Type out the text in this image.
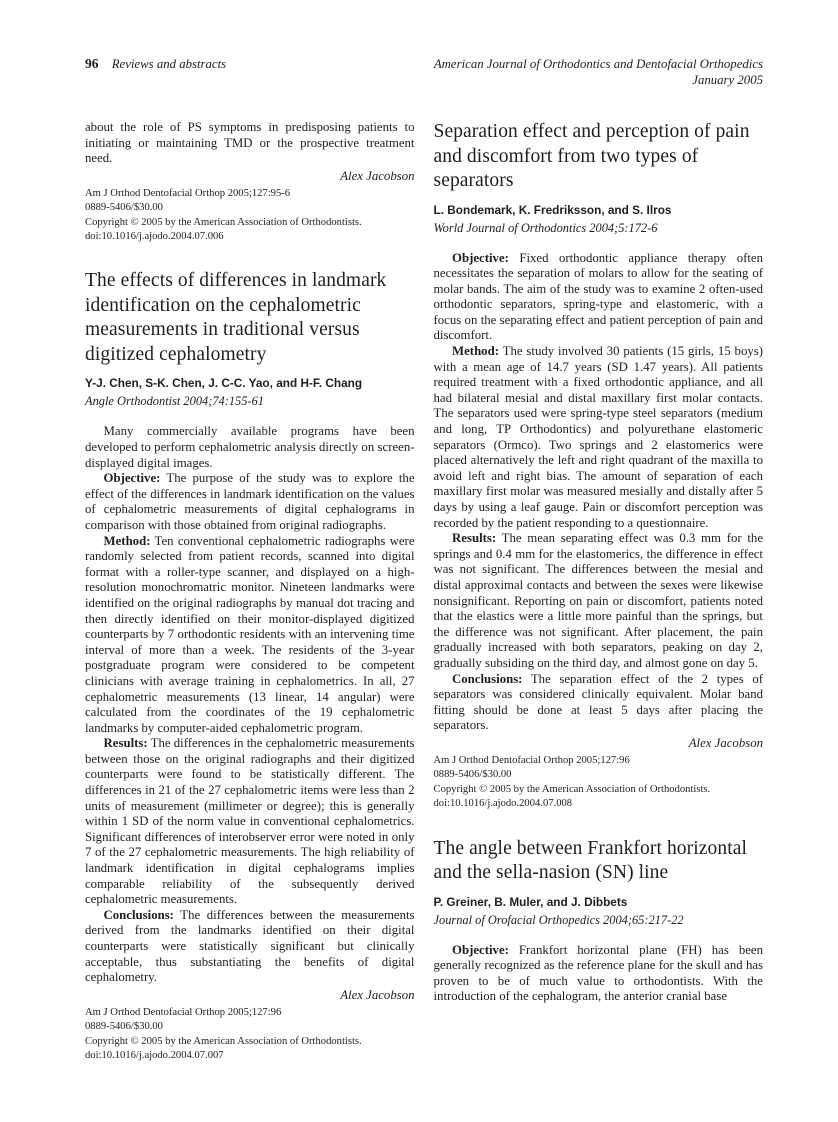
96 Reviews and abstracts	American Journal of Orthodontics and Dentofacial Orthopedics
January 2005

about the role of PS symptoms in predisposing patients to initiating or maintaining TMD or the prospective treatment need.

Alex Jacobson
Am J Orthod Dentofacial Orthop 2005;127:95-6
0889-5406/$30.00
Copyright © 2005 by the American Association of Orthodontists.
doi:10.1016/j.ajodo.2004.07.006
The effects of differences in landmark identification on the cephalometric measurements in traditional versus digitized cephalometry
Y-J. Chen, S-K. Chen, J. C-C. Yao, and H-F. Chang
Angle Orthodontist 2004;74:155-61

Many commercially available programs have been developed to perform cephalometric analysis directly on screen-displayed digital images.

Objective: The purpose of the study was to explore the effect of the differences in landmark identification on the values of cephalometric measurements of digital cephalograms in comparison with those obtained from original radiographs.

Method: Ten conventional cephalometric radiographs were randomly selected from patient records, scanned into digital format with a roller-type scanner, and displayed on a high-resolution monochromatric monitor. Nineteen landmarks were identified on the original radiographs by manual dot tracing and then directly identified on their monitor-displayed digitized counterparts by 7 orthodontic residents with an intervening time interval of more than a week. The residents of the 3-year postgraduate program were considered to be competent clinicians with average training in cephalometrics. In all, 27 cephalometric measurements (13 linear, 14 angular) were calculated from the coordinates of the 19 cephalometric landmarks by computer-aided cephalometric program.

Results: The differences in the cephalometric measurements between those on the original radiographs and their digitized counterparts were found to be statistically different. The differences in 21 of the 27 cephalometric items were less than 2 units of measurement (millimeter or degree); this is generally within 1 SD of the norm value in conventional cephalometrics. Significant differences of interobserver error were noted in only 7 of the 27 cephalometric measurements. The high reliability of landmark identification in digital cephalograms implies comparable reliability of the subsequently derived cephalometric measurements.

Conclusions: The differences between the measurements derived from the landmarks identified on their digital counterparts were statistically significant but clinically acceptable, thus substantiating the benefits of digital cephalometry.

Alex Jacobson
Am J Orthod Dentofacial Orthop 2005;127:96
0889-5406/$30.00
Copyright © 2005 by the American Association of Orthodontists.
doi:10.1016/j.ajodo.2004.07.007
Separation effect and perception of pain and discomfort from two types of separators
L. Bondemark, K. Fredriksson, and S. Ilros
World Journal of Orthodontics 2004;5:172-6

Objective: Fixed orthodontic appliance therapy often necessitates the separation of molars to allow for the seating of molar bands. The aim of the study was to examine 2 often-used orthodontic separators, spring-type and elastomeric, with a focus on the separating effect and patient perception of pain and discomfort.

Method: The study involved 30 patients (15 girls, 15 boys) with a mean age of 14.7 years (SD 1.47 years). All patients required treatment with a fixed orthodontic appliance, and all had bilateral mesial and distal maxillary first molar contacts. The separators used were spring-type steel separators (medium and long, TP Orthodontics) and polyurethane elastomeric separators (Ormco). Two springs and 2 elastomerics were placed alternatively the left and right quadrant of the maxilla to avoid left and right bias. The amount of separation of each maxillary first molar was measured mesially and distally after 5 days by using a leaf gauge. Pain or discomfort perception was recorded by the patient responding to a questionnaire.

Results: The mean separating effect was 0.3 mm for the springs and 0.4 mm for the elastomerics, the difference in effect was not significant. The differences between the mesial and distal approximal contacts and between the sexes were likewise nonsignificant. Reporting on pain or discomfort, patients noted that the elastics were a little more painful than the springs, but the difference was not significant. After placement, the pain gradually increased with both separators, peaking on day 2, gradually subsiding on the third day, and almost gone on day 5.

Conclusions: The separation effect of the 2 types of separators was considered clinically equivalent. Molar band fitting should be done at least 5 days after placing the separators.

Alex Jacobson
Am J Orthod Dentofacial Orthop 2005;127:96
0889-5406/$30.00
Copyright © 2005 by the American Association of Orthodontists.
doi:10.1016/j.ajodo.2004.07.008
The angle between Frankfort horizontal and the sella-nasion (SN) line
P. Greiner, B. Muler, and J. Dibbets
Journal of Orofacial Orthopedics 2004;65:217-22

Objective: Frankfort horizontal plane (FH) has been generally recognized as the reference plane for the skull and has proven to be of much value to orthodontists. With the introduction of the cephalogram, the anterior cranial base
